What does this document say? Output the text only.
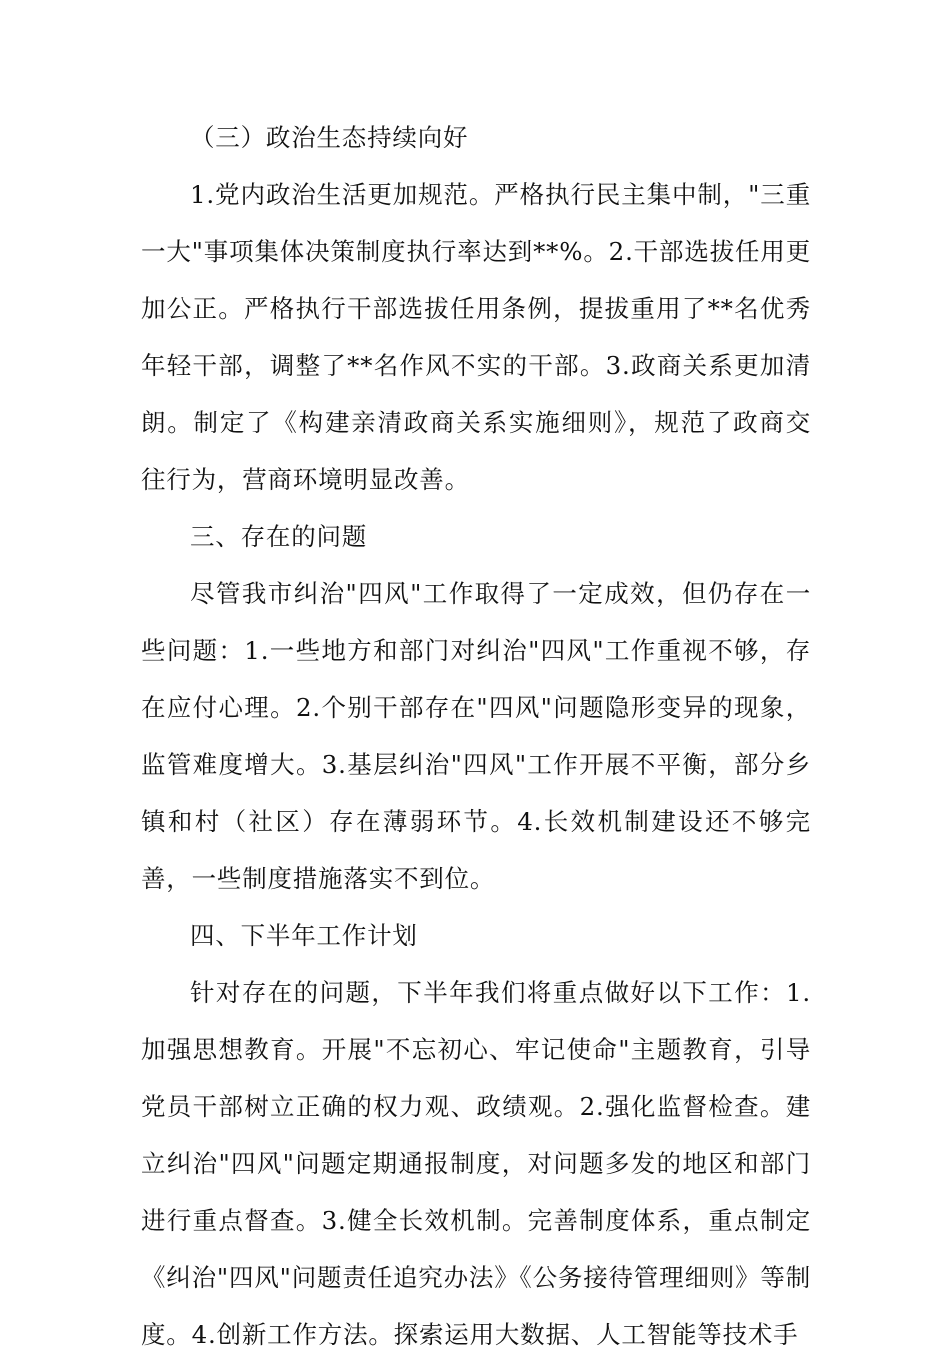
（三）政治生态持续向好

1.党内政治生活更加规范。严格执行民主集中制，"三重一大"事项集体决策制度执行率达到**%。2.干部选拔任用更加公正。严格执行干部选拔任用条例，提拔重用了**名优秀年轻干部，调整了**名作风不实的干部。3.政商关系更加清朗。制定了《构建亲清政商关系实施细则》，规范了政商交往行为，营商环境明显改善。

三、存在的问题

尽管我市纠治"四风"工作取得了一定成效，但仍存在一些问题：1.一些地方和部门对纠治"四风"工作重视不够，存在应付心理。2.个别干部存在"四风"问题隐形变异的现象，监管难度增大。3.基层纠治"四风"工作开展不平衡，部分乡镇和村（社区）存在薄弱环节。4.长效机制建设还不够完善，一些制度措施落实不到位。

四、下半年工作计划

针对存在的问题，下半年我们将重点做好以下工作：1.加强思想教育。开展"不忘初心、牢记使命"主题教育，引导党员干部树立正确的权力观、政绩观。2.强化监督检查。建立纠治"四风"问题定期通报制度，对问题多发的地区和部门进行重点督查。3.健全长效机制。完善制度体系，重点制定《纠治"四风"问题责任追究办法》《公务接待管理细则》等制度。4.创新工作方法。探索运用大数据、人工智能等技术手
